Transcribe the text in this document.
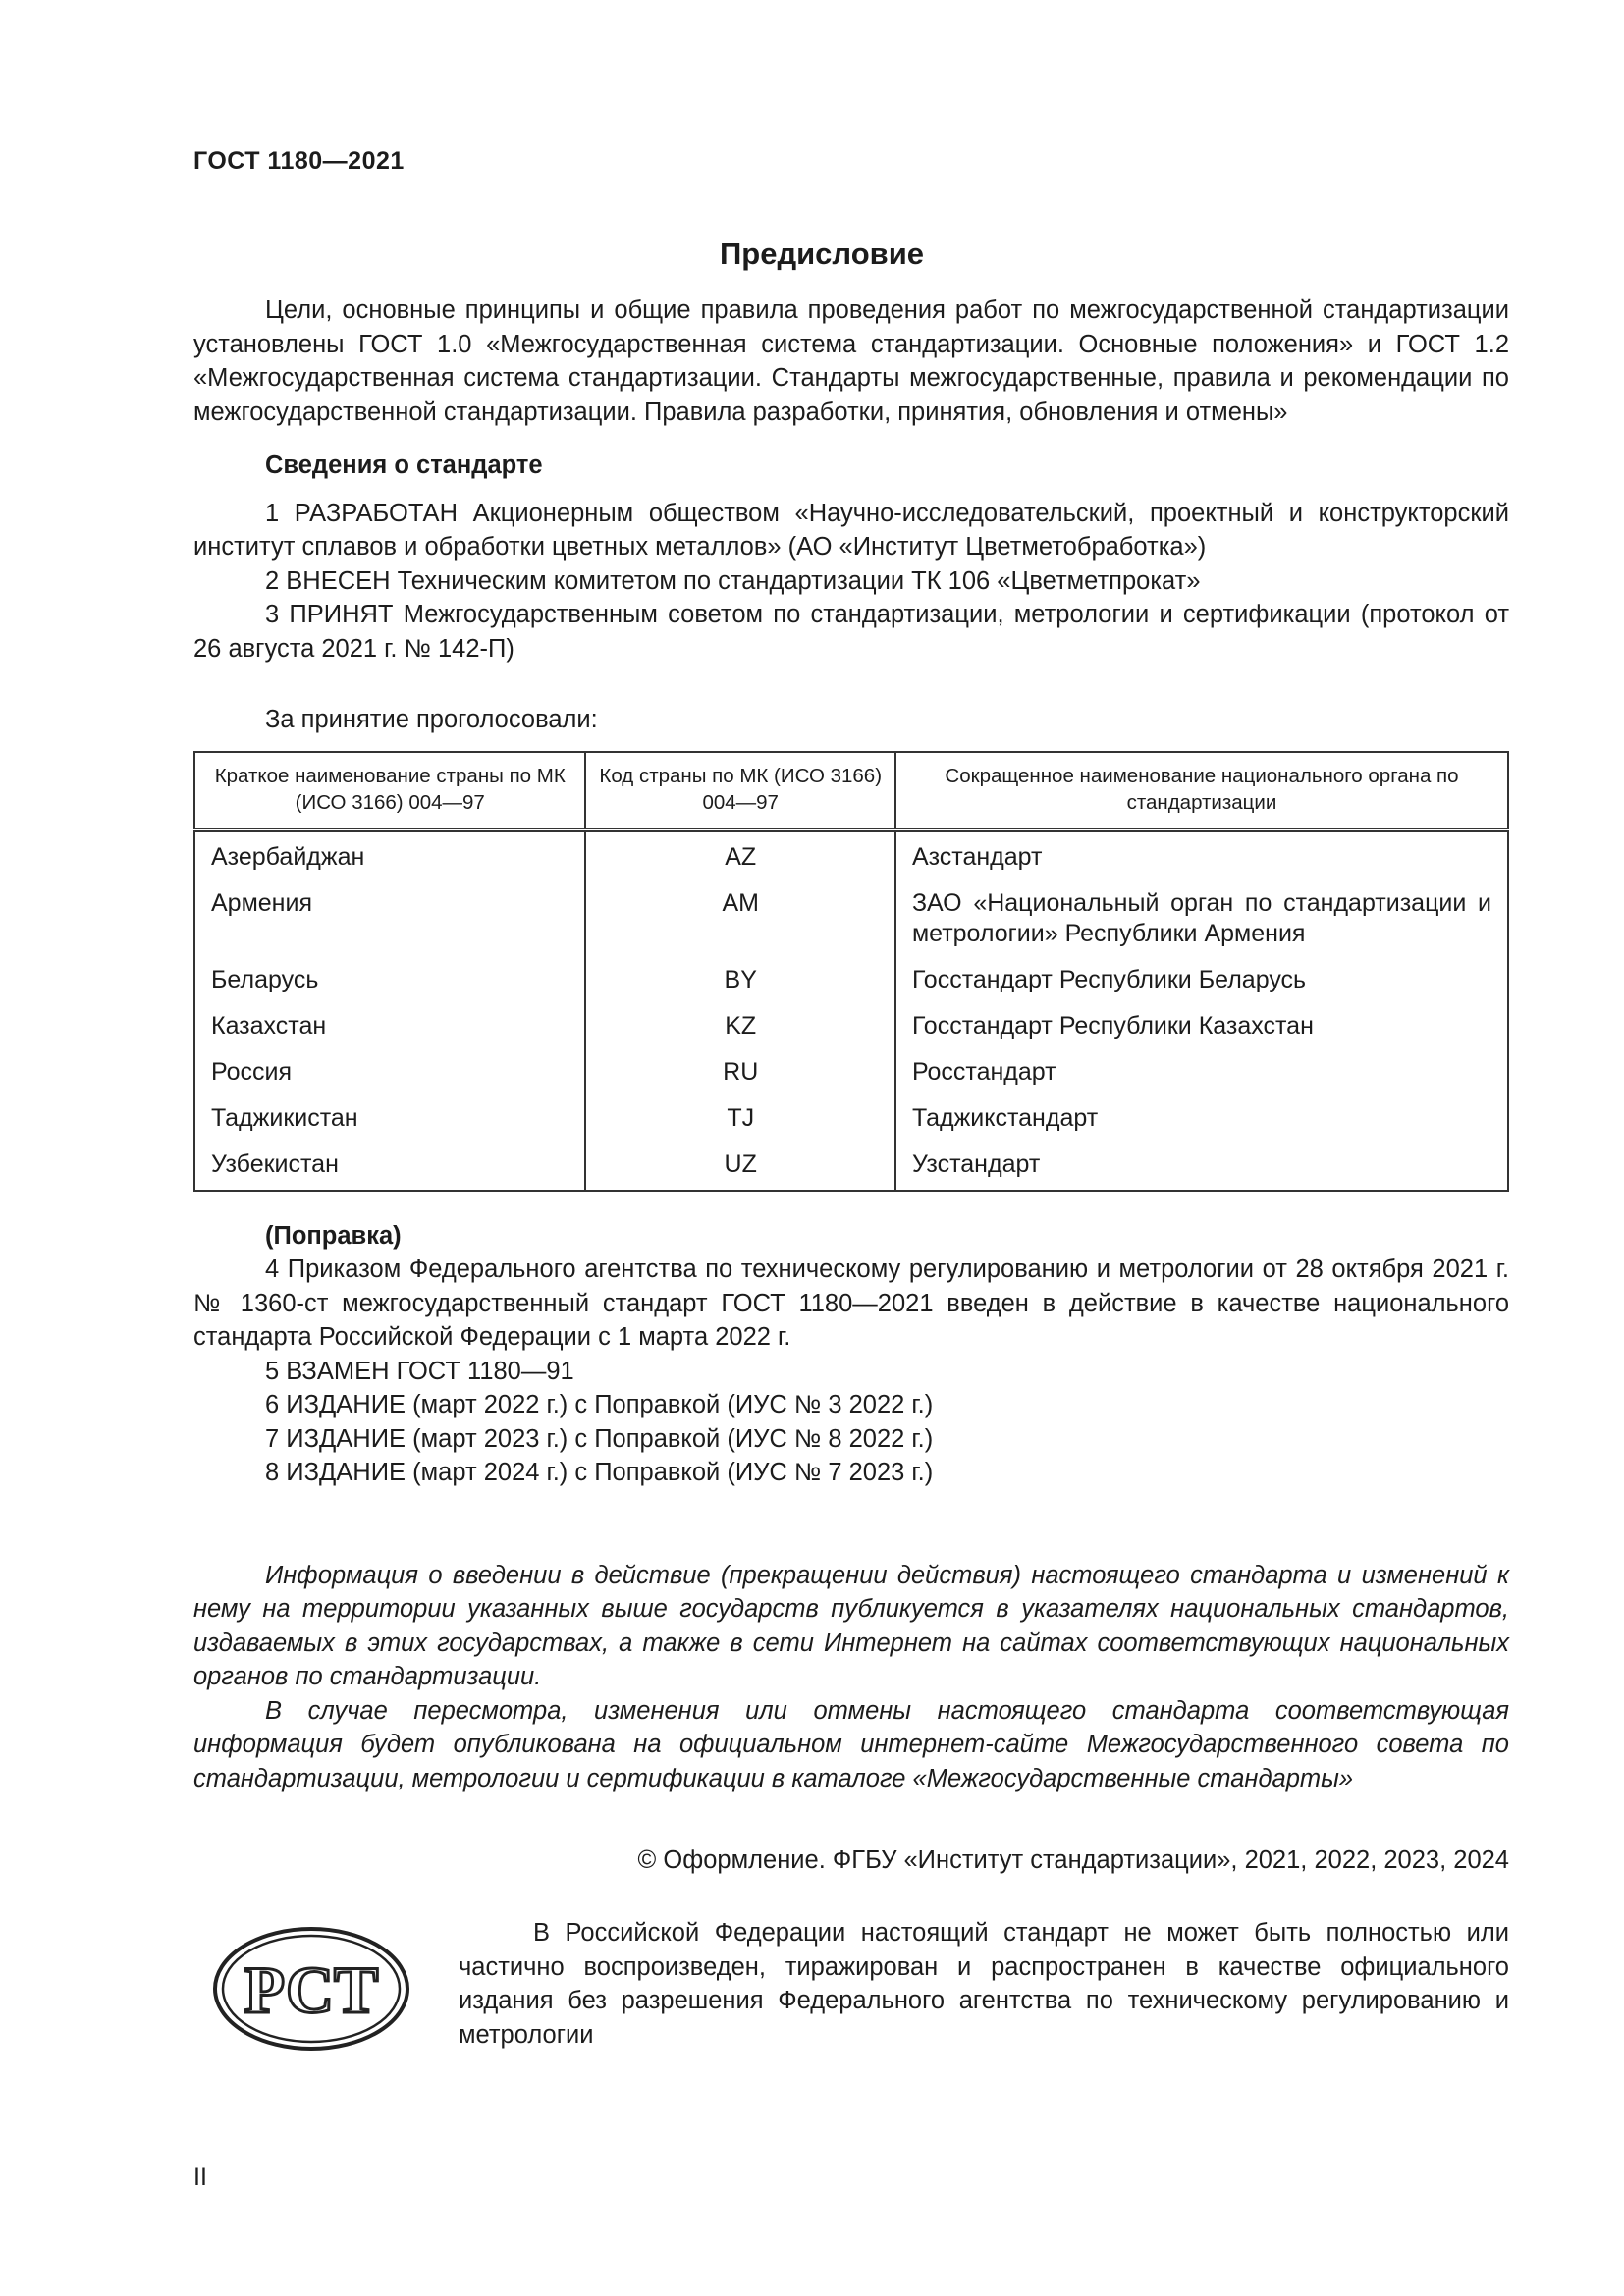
ГОСТ 1180—2021
Предисловие

Цели, основные принципы и общие правила проведения работ по межгосударственной стандартизации установлены ГОСТ 1.0 «Межгосударственная система стандартизации. Основные положения» и ГОСТ 1.2 «Межгосударственная система стандартизации. Стандарты межгосударственные, правила и рекомендации по межгосударственной стандартизации. Правила разработки, принятия, обновления и отмены»

Сведения о стандарте

1 РАЗРАБОТАН Акционерным обществом «Научно-исследовательский, проектный и конструкторский институт сплавов и обработки цветных металлов» (АО «Институт Цветметобработка»)

2 ВНЕСЕН Техническим комитетом по стандартизации ТК 106 «Цветметпрокат»

3 ПРИНЯТ Межгосударственным советом по стандартизации, метрологии и сертификации (протокол от 26 августа 2021 г. № 142-П)

За принятие проголосовали:

Краткое наименование страны по МК (ИСО 3166) 004—97	Код страны по МК (ИСО 3166) 004—97	Сокращенное наименование национального органа по стандартизации
Азербайджан	AZ	Азстандарт
Армения	AM	ЗАО «Национальный орган по стандартизации и метрологии» Республики Армения
Беларусь	BY	Госстандарт Республики Беларусь
Казахстан	KZ	Госстандарт Республики Казахстан
Россия	RU	Росстандарт
Таджикистан	TJ	Таджикстандарт
Узбекистан	UZ	Узстандарт
(Поправка)

4 Приказом Федерального агентства по техническому регулированию и метрологии от 28 октября 2021 г. № 1360-ст межгосударственный стандарт ГОСТ 1180—2021 введен в действие в качестве национального стандарта Российской Федерации с 1 марта 2022 г.

5 ВЗАМЕН ГОСТ 1180—91

6 ИЗДАНИЕ (март 2022 г.) с Поправкой (ИУС № 3 2022 г.)

7 ИЗДАНИЕ (март 2023 г.) с Поправкой (ИУС № 8 2022 г.)

8 ИЗДАНИЕ (март 2024 г.) с Поправкой (ИУС № 7 2023 г.)

Информация о введении в действие (прекращении действия) настоящего стандарта и изменений к нему на территории указанных выше государств публикуется в указателях национальных стандартов, издаваемых в этих государствах, а также в сети Интернет на сайтах соответствующих национальных органов по стандартизации.

В случае пересмотра, изменения или отмены настоящего стандарта соответствующая информация будет опубликована на официальном интернет-сайте Межгосударственного совета по стандартизации, метрологии и сертификации в каталоге «Межгосударственные стандарты»

© Оформление. ФГБУ «Институт стандартизации», 2021, 2022, 2023, 2024
РСТ
В Российской Федерации настоящий стандарт не может быть полностью или частично воспроизведен, тиражирован и распространен в качестве официального издания без разрешения Федерального агентства по техническому регулированию и метрологии
II
